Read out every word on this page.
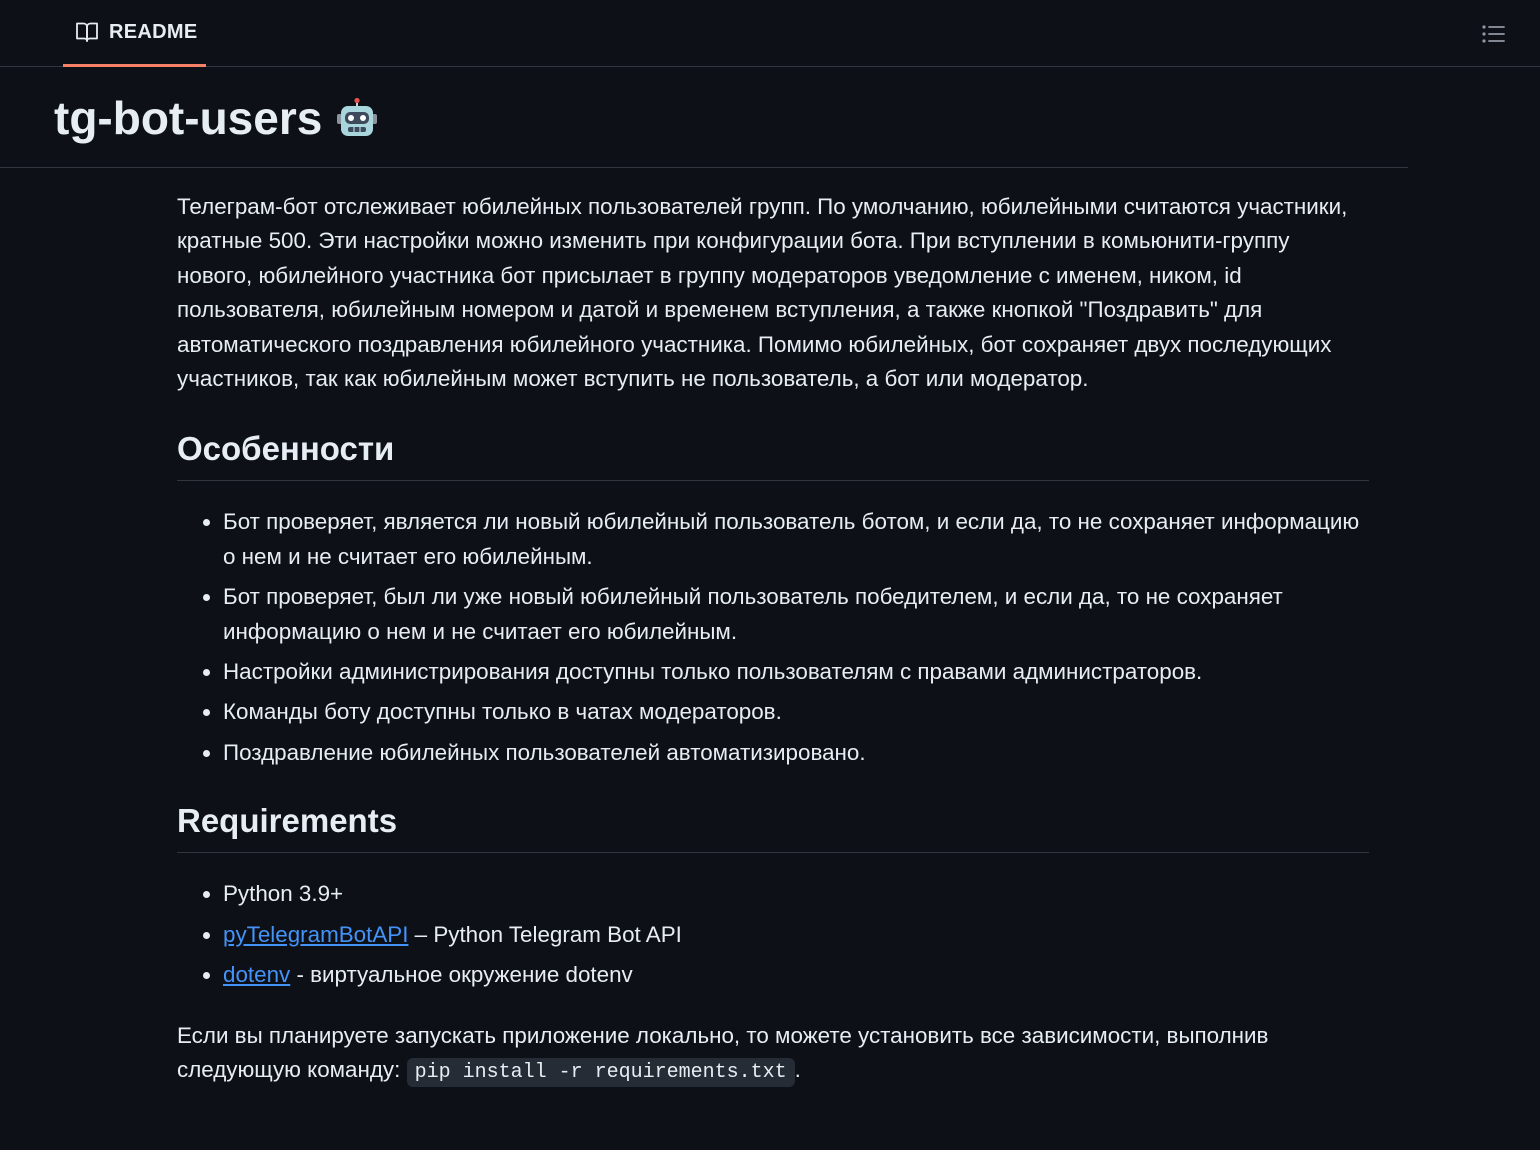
README
tg-bot-users

Телеграм-бот отслеживает юбилейных пользователей групп. По умолчанию, юбилейными считаются участники, кратные 500. Эти настройки можно изменить при конфигурации бота. При вступлении в комьюнити-группу нового, юбилейного участника бот присылает в группу модераторов уведомление с именем, ником, id пользователя, юбилейным номером и датой и временем вступления, а также кнопкой "Поздравить" для автоматического поздравления юбилейного участника. Помимо юбилейных, бот сохраняет двух последующих участников, так как юбилейным может вступить не пользователь, а бот или модератор.

Особенности
• Бот проверяет, является ли новый юбилейный пользователь ботом, и если да, то не сохраняет информацию о нем и не считает его юбилейным.
• Бот проверяет, был ли уже новый юбилейный пользователь победителем, и если да, то не сохраняет информацию о нем и не считает его юбилейным.
• Настройки администрирования доступны только пользователям с правами администраторов.
• Команды боту доступны только в чатах модераторов.
• Поздравление юбилейных пользователей автоматизировано.
Requirements
• Python 3.9+
• pyTelegramBotAPI – Python Telegram Bot API
• dotenv - виртуальное окружение dotenv

Если вы планируете запускать приложение локально, то можете установить все зависимости, выполнив следующую команду: pip install -r requirements.txt .
